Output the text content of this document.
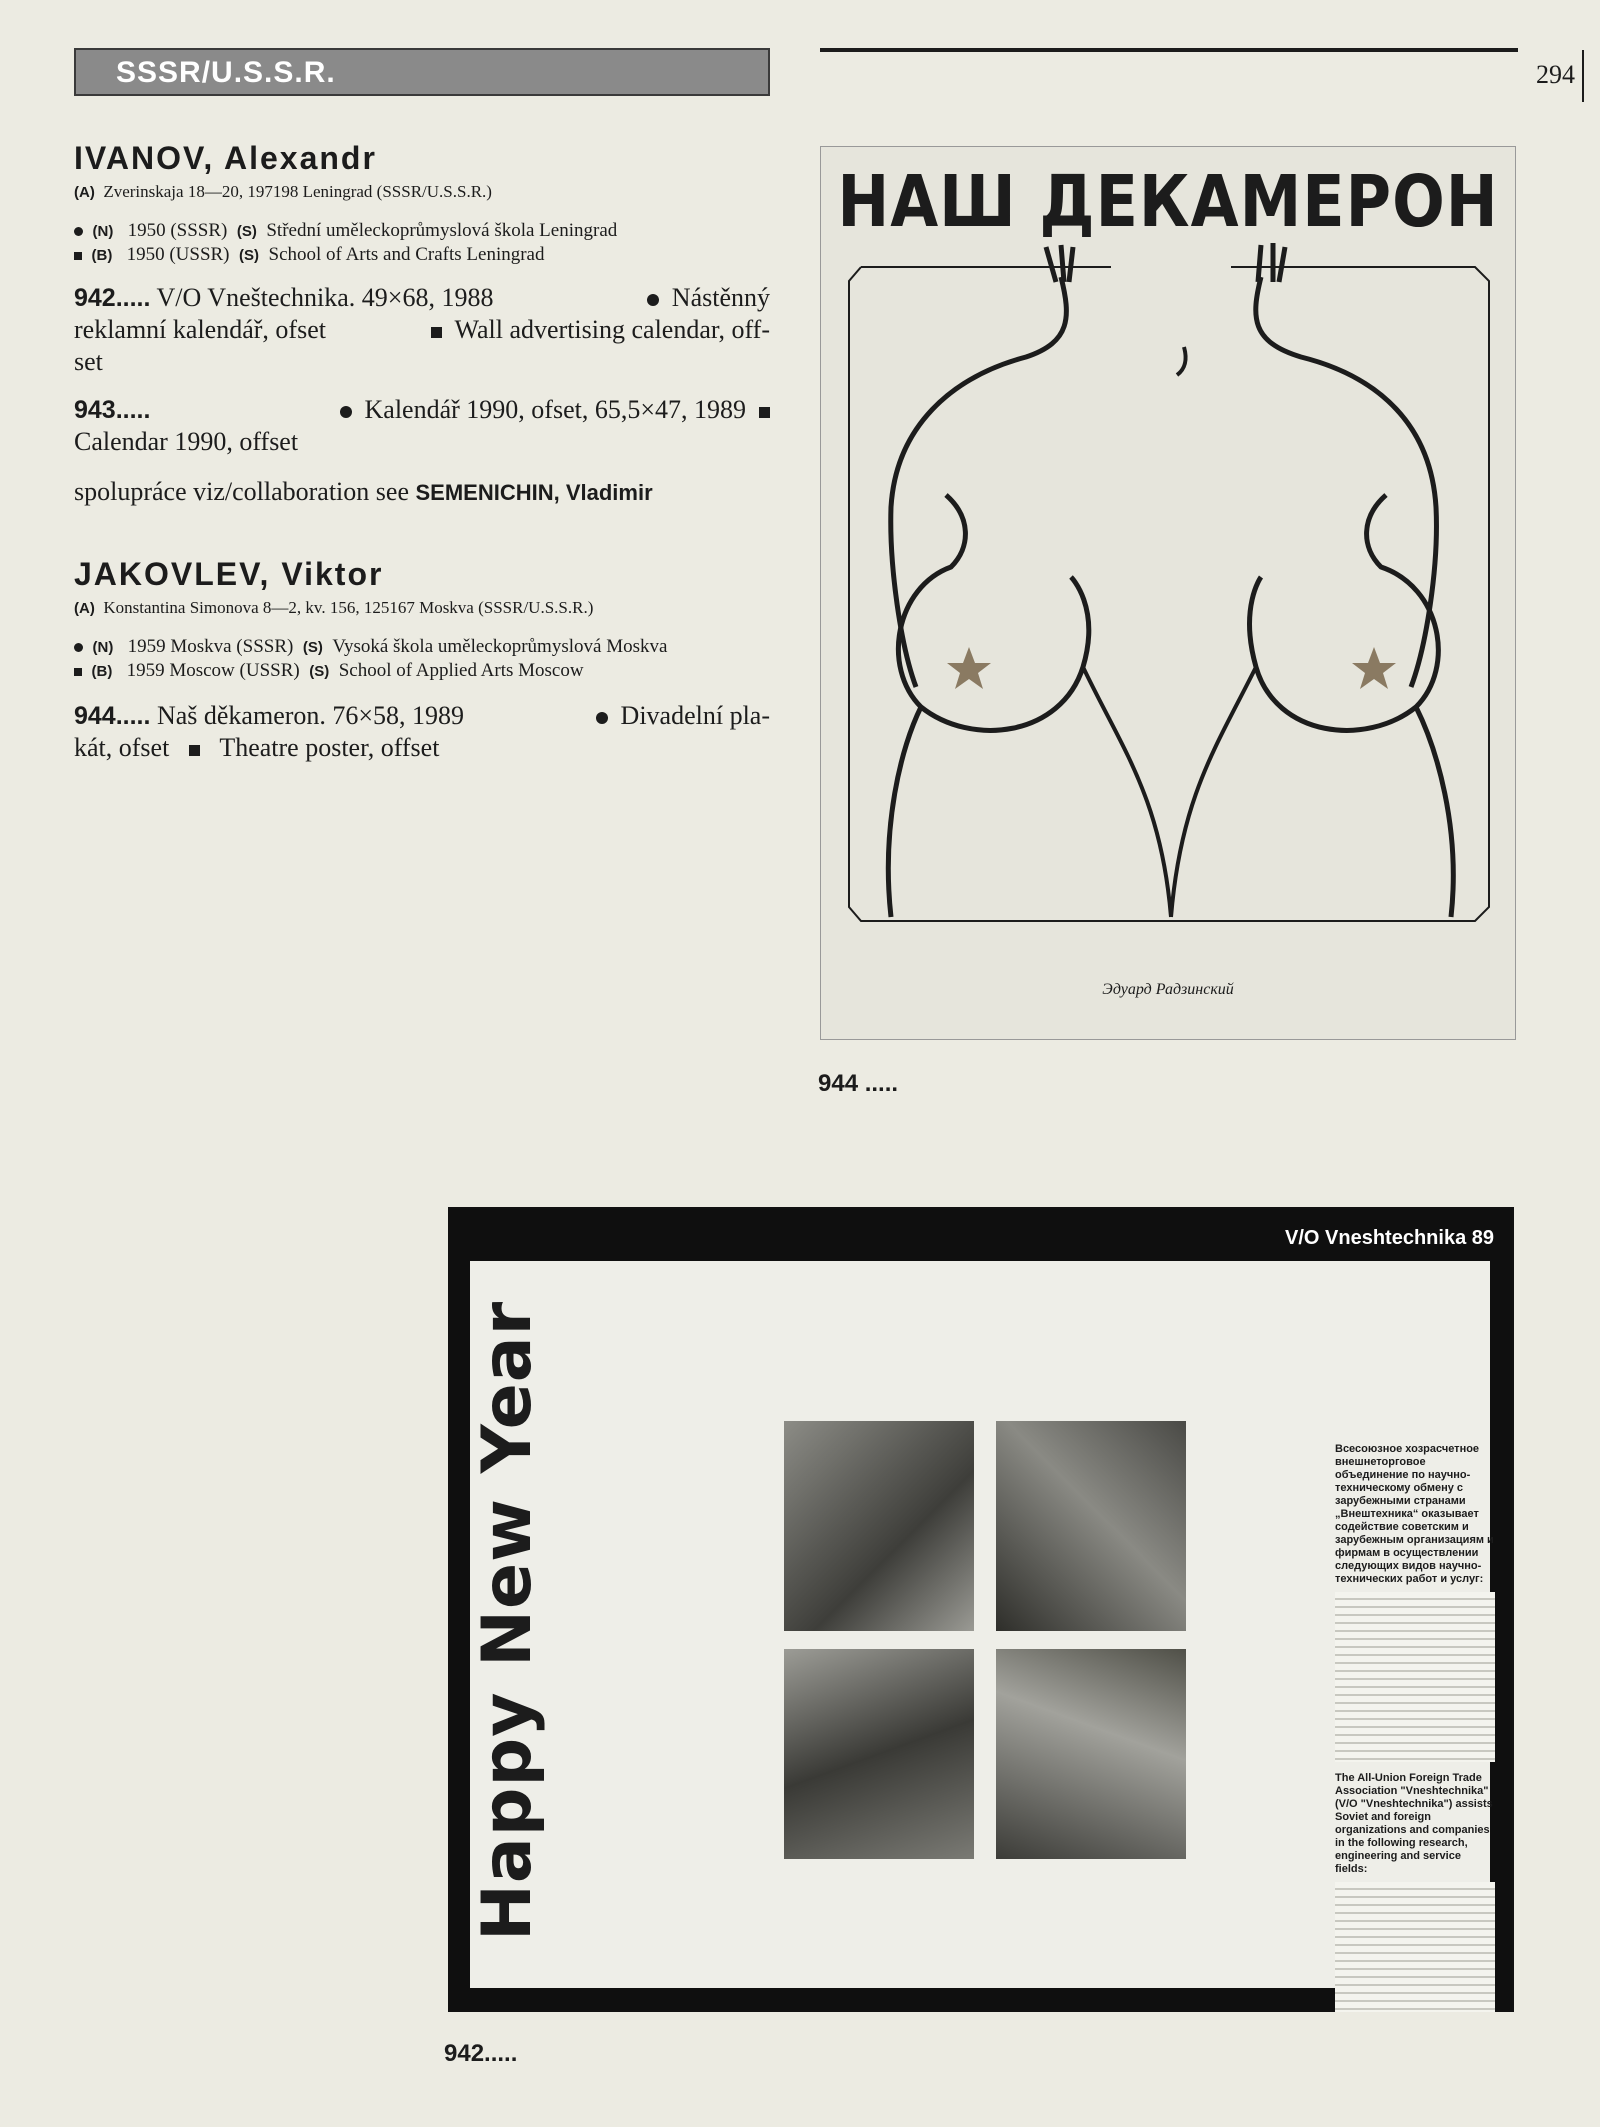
SSSR/U.S.S.R.	294
IVANOV, Alexandr
(A) Zverinskaja 18—20, 197198 Leningrad (SSSR/U.S.S.R.)
(N) 1950 (SSSR) (S) Střední uměleckoprůmyslová škola Leningrad
(B) 1950 (USSR) (S) School of Arts and Crafts Leningrad
942..... V/O Vneštechnika. 49×68, 1988	Nástěnný
reklamní kalendář, ofset	Wall advertising calendar, off-
set
943.....	Kalendář 1990, ofset, 65,5×47, 1989
Calendar 1990, offset
spolupráce viz/collaboration see SEMENICHIN, Vladimir
JAKOVLEV, Viktor
(A) Konstantina Simonova 8—2, kv. 156, 125167 Moskva (SSSR/U.S.S.R.)
(N) 1959 Moskva (SSSR) (S) Vysoká škola uměleckoprůmyslová Moskva
(B) 1959 Moscow (USSR) (S) School of Applied Arts Moscow
944..... Naš děkameron. 76×58, 1989	Divadelní pla-
kát, ofset Theatre poster, offset
НАШ ДЕКАМЕРОН
Эдуард Радзинский
944 .....
V/O Vneshtechnika 89
Happy New Year	Всесоюзное хозрасчетное внешнеторговое объединение по научно-техническому обмену с зарубежными странами „Внештехника“ оказывает содействие советским и зарубежным организациям и фирмам в осуществлении следующих видов научно-технических работ и услуг:
The All-Union Foreign Trade Association "Vneshtechnika" (V/O "Vneshtechnika") assists Soviet and foreign organizations and companies in the following research, engineering and service fields:
942.....
